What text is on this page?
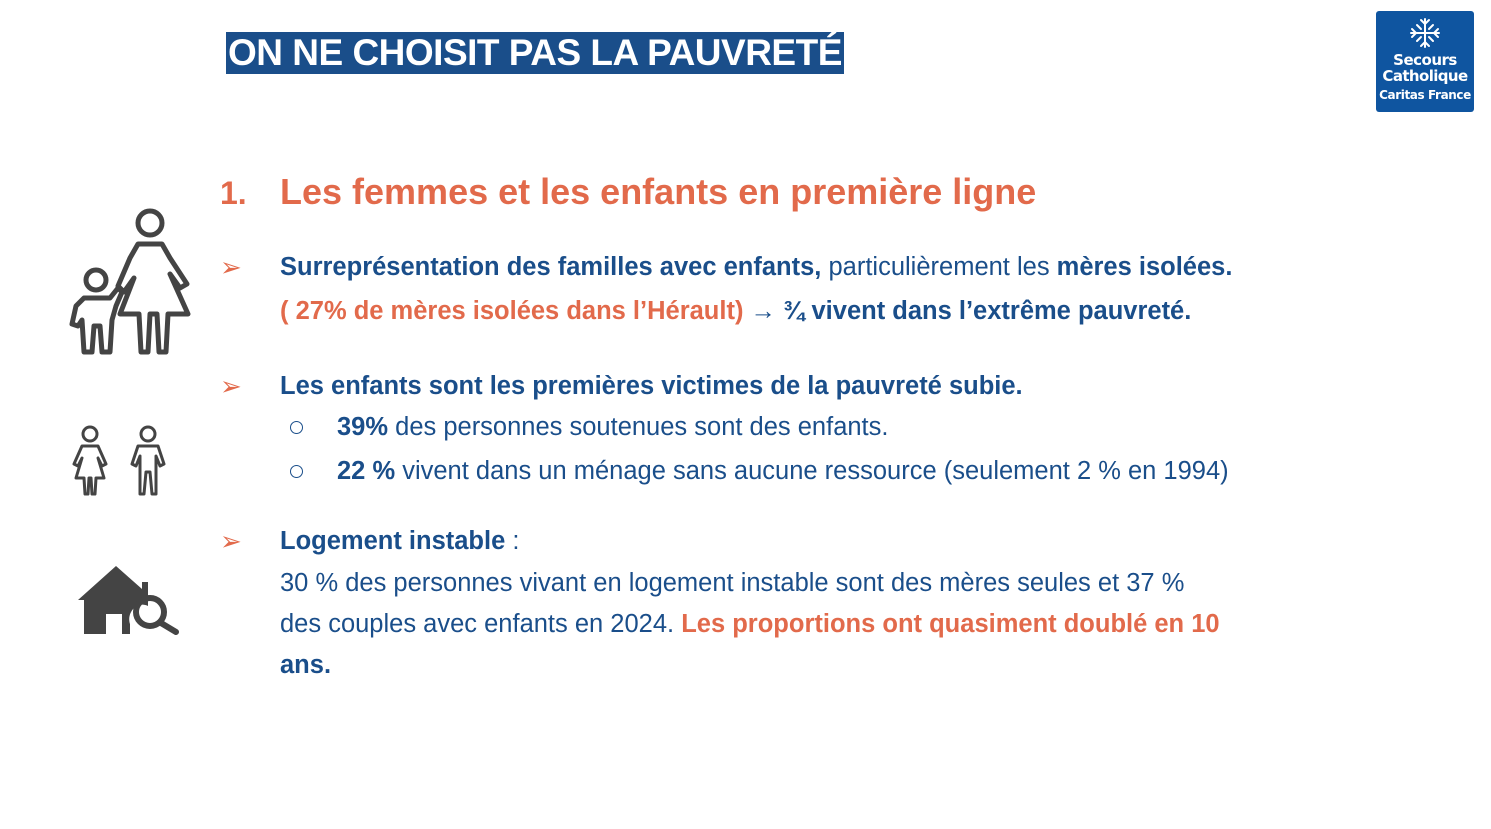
ON NE CHOISIT PAS LA PAUVRETÉ	Secours
Catholique
Caritas France
1. Les femmes et les enfants en première ligne
➢ Surreprésentation des familles avec enfants, particulièrement les mères isolées.
( 27% de mères isolées dans l’Hérault) → ¾ vivent dans l’extrême pauvreté.
➢ Les enfants sont les premières victimes de la pauvreté subie.
39% des personnes soutenues sont des enfants.
22 % vivent dans un ménage sans aucune ressource (seulement 2 % en 1994)
➢ Logement instable :
30 % des personnes vivant en logement instable sont des mères seules et 37 %
des couples avec enfants en 2024. Les proportions ont quasiment doublé en 10
ans.
